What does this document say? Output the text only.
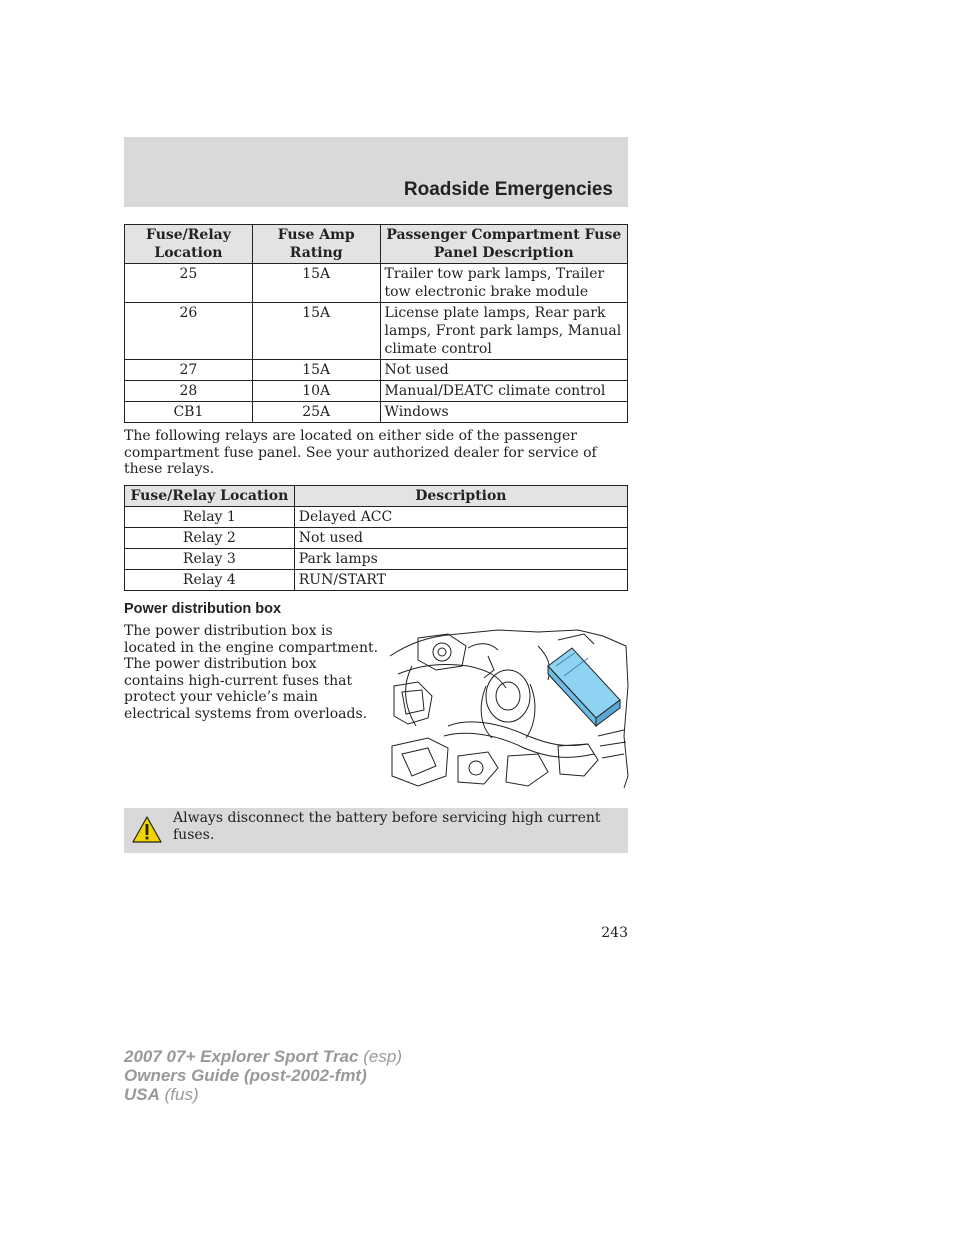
Roadside Emergencies
Fuse/Relay Location	Fuse Amp Rating	Passenger Compartment Fuse Panel Description
25	15A	Trailer tow park lamps, Trailer tow electronic brake module
26	15A	License plate lamps, Rear park lamps, Front park lamps, Manual climate control
27	15A	Not used
28	10A	Manual/DEATC climate control
CB1	25A	Windows
The following relays are located on either side of the passenger compartment fuse panel. See your authorized dealer for service of these relays.
Fuse/Relay Location	Description
Relay 1	Delayed ACC
Relay 2	Not used
Relay 3	Park lamps
Relay 4	RUN/START
Power distribution box
The power distribution box is located in the engine compartment. The power distribution box contains high-current fuses that protect your vehicle’s main electrical systems from overloads.
Always disconnect the battery before servicing high current fuses.
243
2007 07+ Explorer Sport Trac (esp)
Owners Guide (post-2002-fmt)
USA (fus)
